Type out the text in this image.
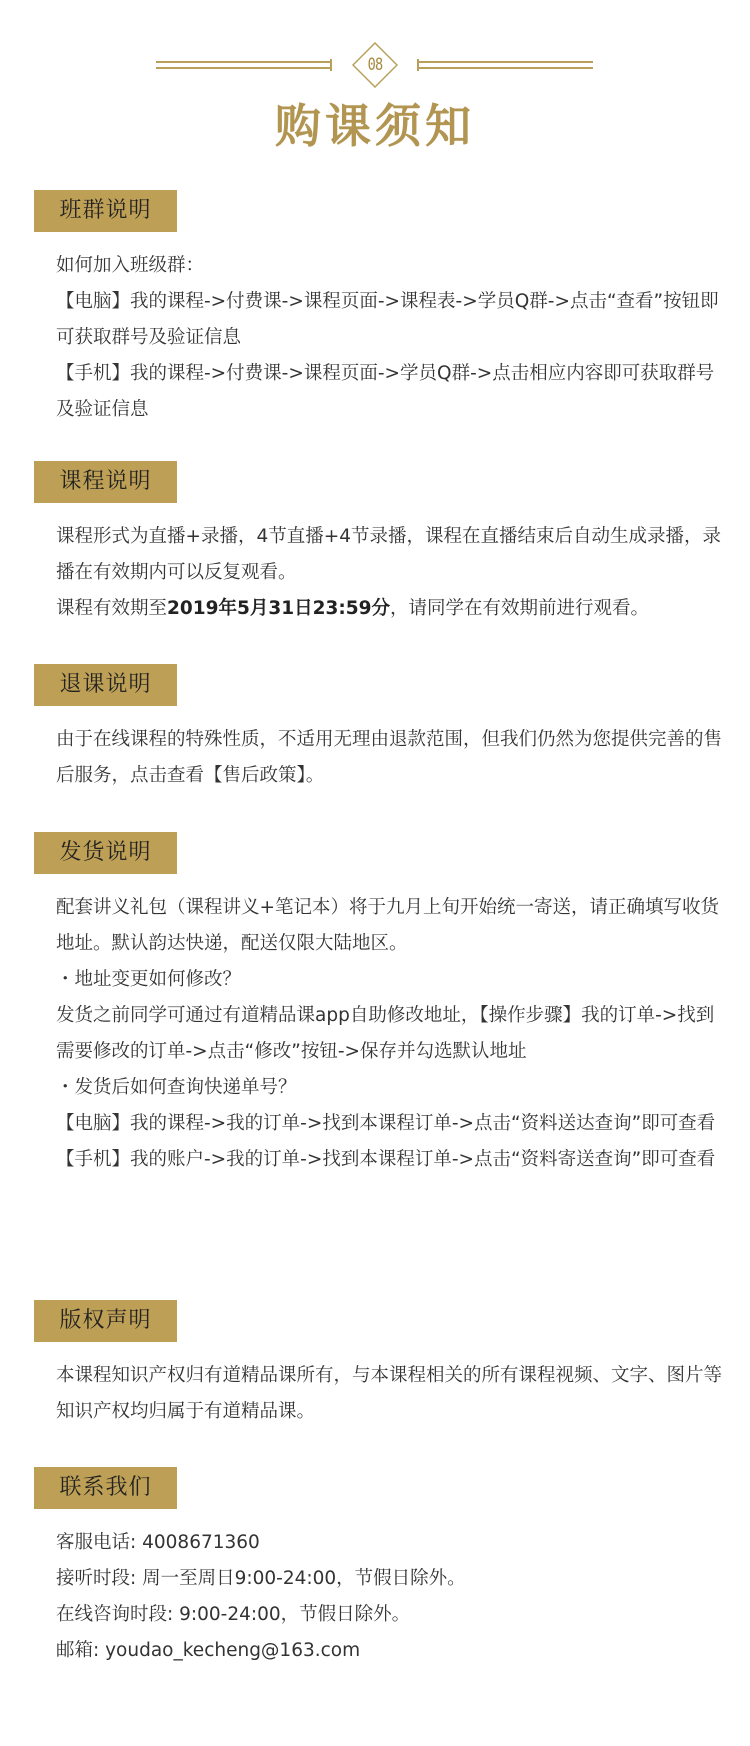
08
购课须知
班群说明

如何加入班级群：

【电脑】我的课程->付费课->课程页面->课程表->学员Q群->点击“查看”按钮即可获取群号及验证信息

【手机】我的课程->付费课->课程页面->学员Q群->点击相应内容即可获取群号及验证信息

课程说明

课程形式为直播+录播，4节直播+4节录播，课程在直播结束后自动生成录播，录播在有效期内可以反复观看。

课程有效期至2019年5月31日23:59分，请同学在有效期前进行观看。

退课说明

由于在线课程的特殊性质，不适用无理由退款范围，但我们仍然为您提供完善的售后服务，点击查看【售后政策】。

发货说明

配套讲义礼包（课程讲义+笔记本）将于九月上旬开始统一寄送，请正确填写收货地址。默认韵达快递，配送仅限大陆地区。

・地址变更如何修改？

发货之前同学可通过有道精品课app自助修改地址，【操作步骤】我的订单->找到需要修改的订单->点击“修改”按钮->保存并勾选默认地址

・发货后如何查询快递单号？

【电脑】我的课程->我的订单->找到本课程订单->点击“资料送达查询”即可查看

【手机】我的账户->我的订单->找到本课程订单->点击“资料寄送查询”即可查看

版权声明

本课程知识产权归有道精品课所有，与本课程相关的所有课程视频、文字、图片等知识产权均归属于有道精品课。

联系我们

客服电话: 4008671360

接听时段: 周一至周日9:00-24:00，节假日除外。

在线咨询时段: 9:00-24:00，节假日除外。

邮箱: youdao_kecheng@163.com
